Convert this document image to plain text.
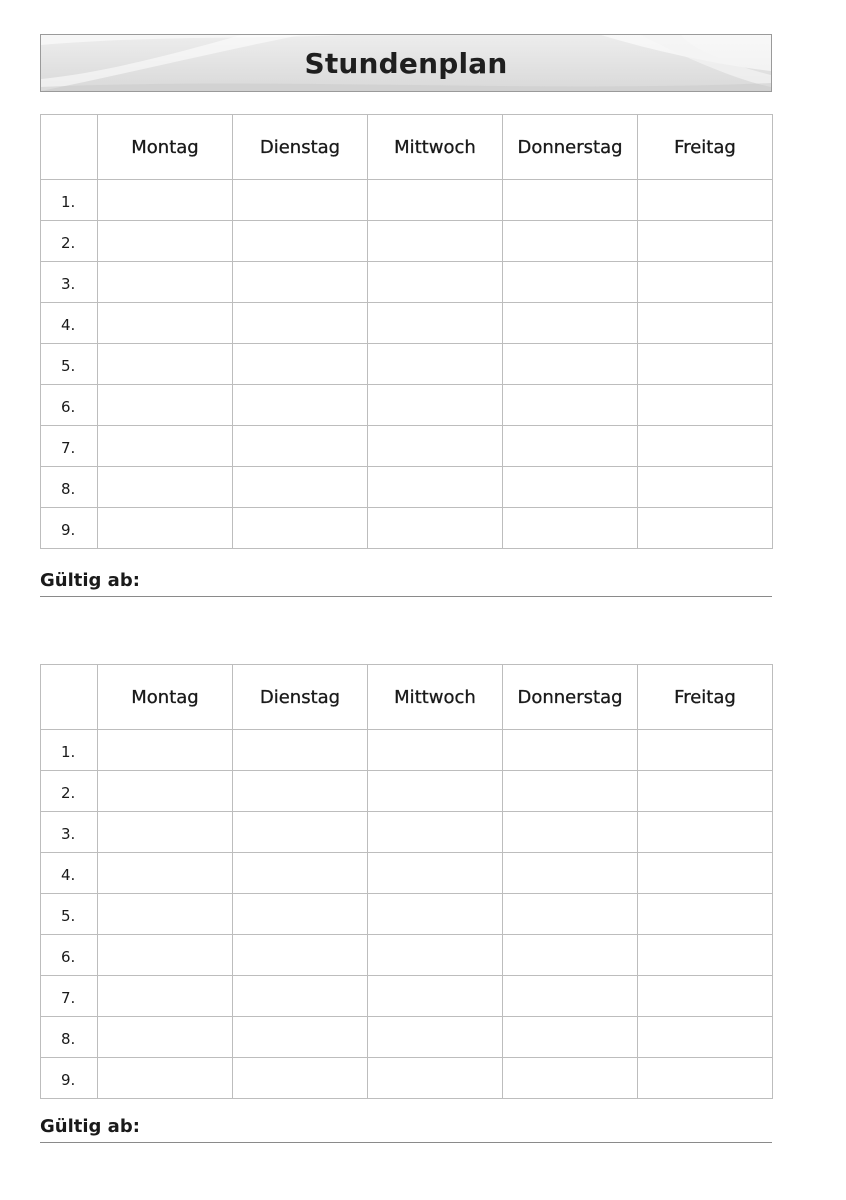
Stundenplan
	Montag	Dienstag	Mittwoch	Donnerstag	Freitag
1.					
2.					
3.					
4.					
5.					
6.					
7.					
8.					
9.					
Gültig ab:
	Montag	Dienstag	Mittwoch	Donnerstag	Freitag
1.					
2.					
3.					
4.					
5.					
6.					
7.					
8.					
9.					
Gültig ab:
